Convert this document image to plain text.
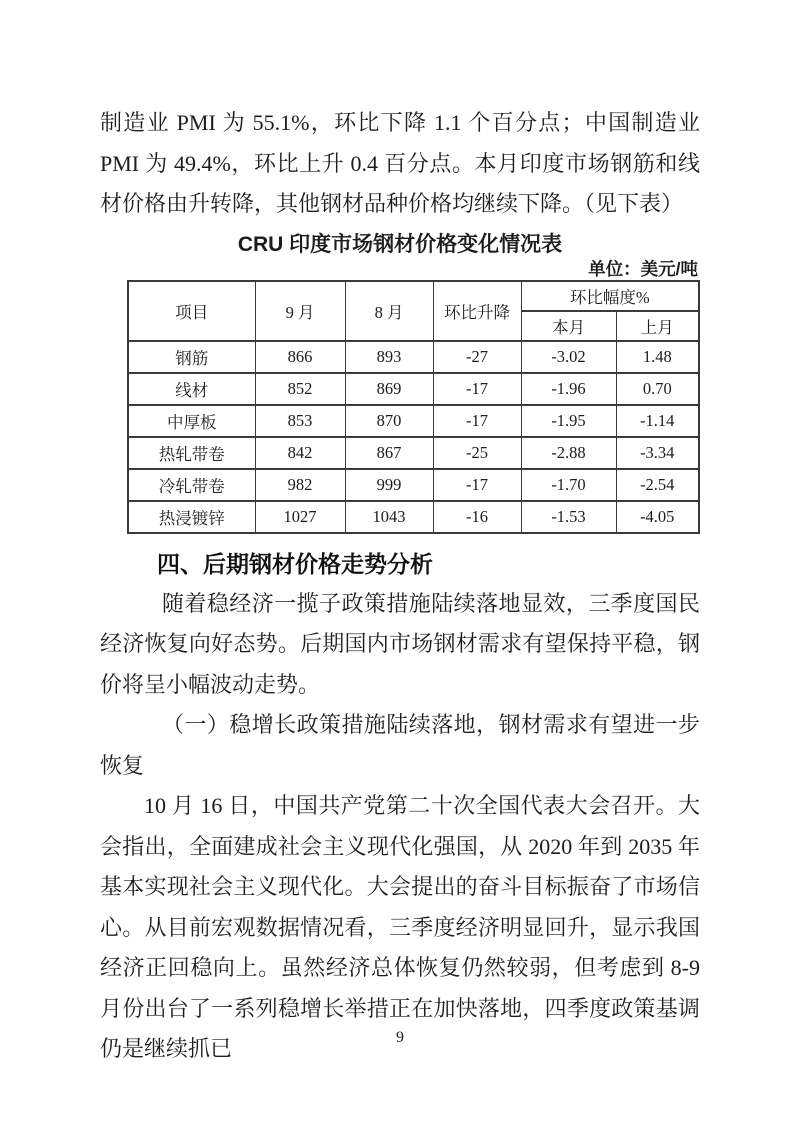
制造业 PMI 为 55.1%，环比下降 1.1 个百分点；中国制造业 PMI 为 49.4%，环比上升 0.4 百分点。本月印度市场钢筋和线材价格由升转降，其他钢材品种价格均继续下降。（见下表）

CRU 印度市场钢材价格变化情况表
单位：美元/吨
项目	9 月	8 月	环比升降	环比幅度%	
				本月	上月
钢筋	866	893	-27	-3.02	1.48
线材	852	869	-17	-1.96	0.70
中厚板	853	870	-17	-1.95	-1.14
热轧带卷	842	867	-25	-2.88	-3.34
冷轧带卷	982	999	-17	-1.70	-2.54
热浸镀锌	1027	1043	-16	-1.53	-4.05
四、后期钢材价格走势分析

随着稳经济一揽子政策措施陆续落地显效，三季度国民经济恢复向好态势。后期国内市场钢材需求有望保持平稳，钢价将呈小幅波动走势。

（一）稳增长政策措施陆续落地，钢材需求有望进一步恢复

10 月 16 日，中国共产党第二十次全国代表大会召开。大会指出，全面建成社会主义现代化强国，从 2020 年到 2035 年基本实现社会主义现代化。大会提出的奋斗目标振奋了市场信心。从目前宏观数据情况看，三季度经济明显回升，显示我国经济正回稳向上。虽然经济总体恢复仍然较弱，但考虑到 8-9 月份出台了一系列稳增长举措正在加快落地，四季度政策基调仍是继续抓已	9
